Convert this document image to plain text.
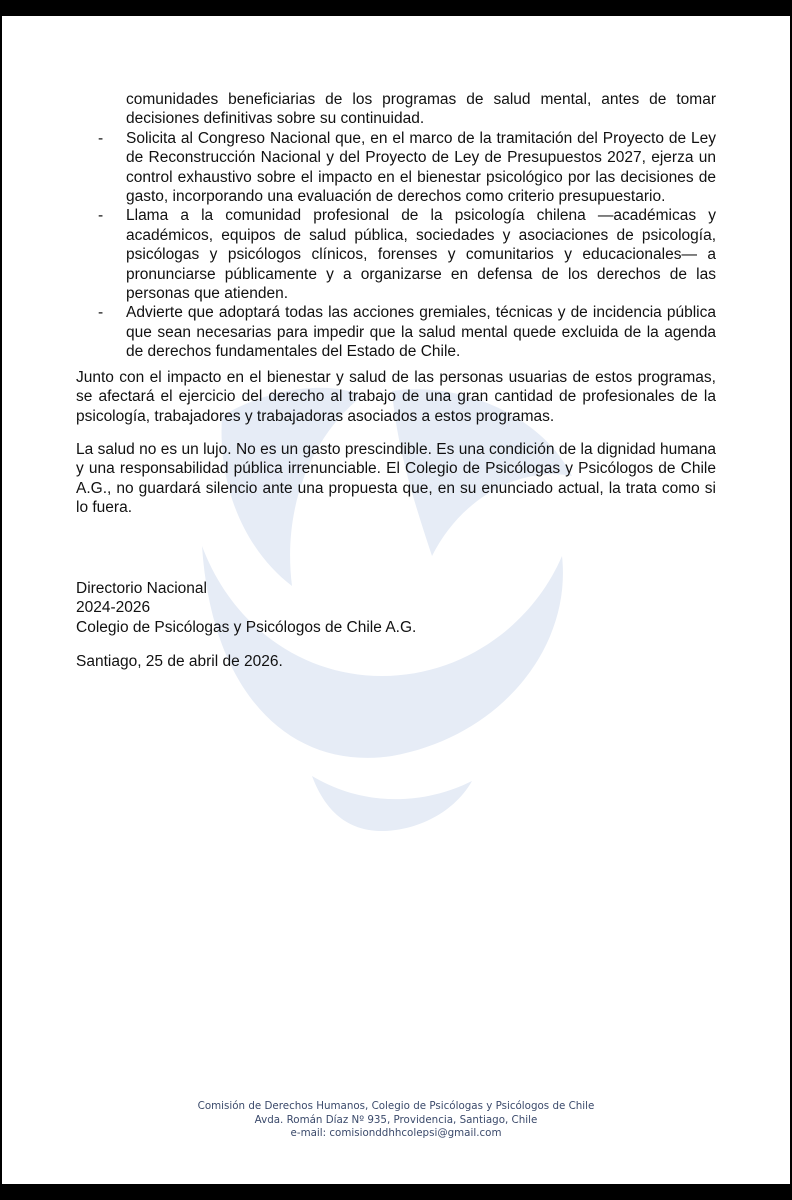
comunidades beneficiarias de los programas de salud mental, antes de tomar decisiones definitivas sobre su continuidad.

- Solicita al Congreso Nacional que, en el marco de la tramitación del Proyecto de Ley de Reconstrucción Nacional y del Proyecto de Ley de Presupuestos 2027, ejerza un control exhaustivo sobre el impacto en el bienestar psicológico por las decisiones de gasto, incorporando una evaluación de derechos como criterio presupuestario.
- Llama a la comunidad profesional de la psicología chilena —académicas y académicos, equipos de salud pública, sociedades y asociaciones de psicología, psicólogas y psicólogos clínicos, forenses y comunitarios y educacionales— a pronunciarse públicamente y a organizarse en defensa de los derechos de las personas que atienden.
- Advierte que adoptará todas las acciones gremiales, técnicas y de incidencia pública que sean necesarias para impedir que la salud mental quede excluida de la agenda de derechos fundamentales del Estado de Chile.

Junto con el impacto en el bienestar y salud de las personas usuarias de estos programas, se afectará el ejercicio del derecho al trabajo de una gran cantidad de profesionales de la psicología, trabajadores y trabajadoras asociados a estos programas.

La salud no es un lujo. No es un gasto prescindible. Es una condición de la dignidad humana y una responsabilidad pública irrenunciable. El Colegio de Psicólogas y Psicólogos de Chile A.G., no guardará silencio ante una propuesta que, en su enunciado actual, la trata como si lo fuera.

Directorio Nacional
2024-2026
Colegio de Psicólogas y Psicólogos de Chile A.G.
Santiago, 25 de abril de 2026.
Comisión de Derechos Humanos, Colegio de Psicólogas y Psicólogos de Chile
Avda. Román Díaz Nº 935, Providencia, Santiago, Chile
e-mail: comisionddhhcolepsi@gmail.com
